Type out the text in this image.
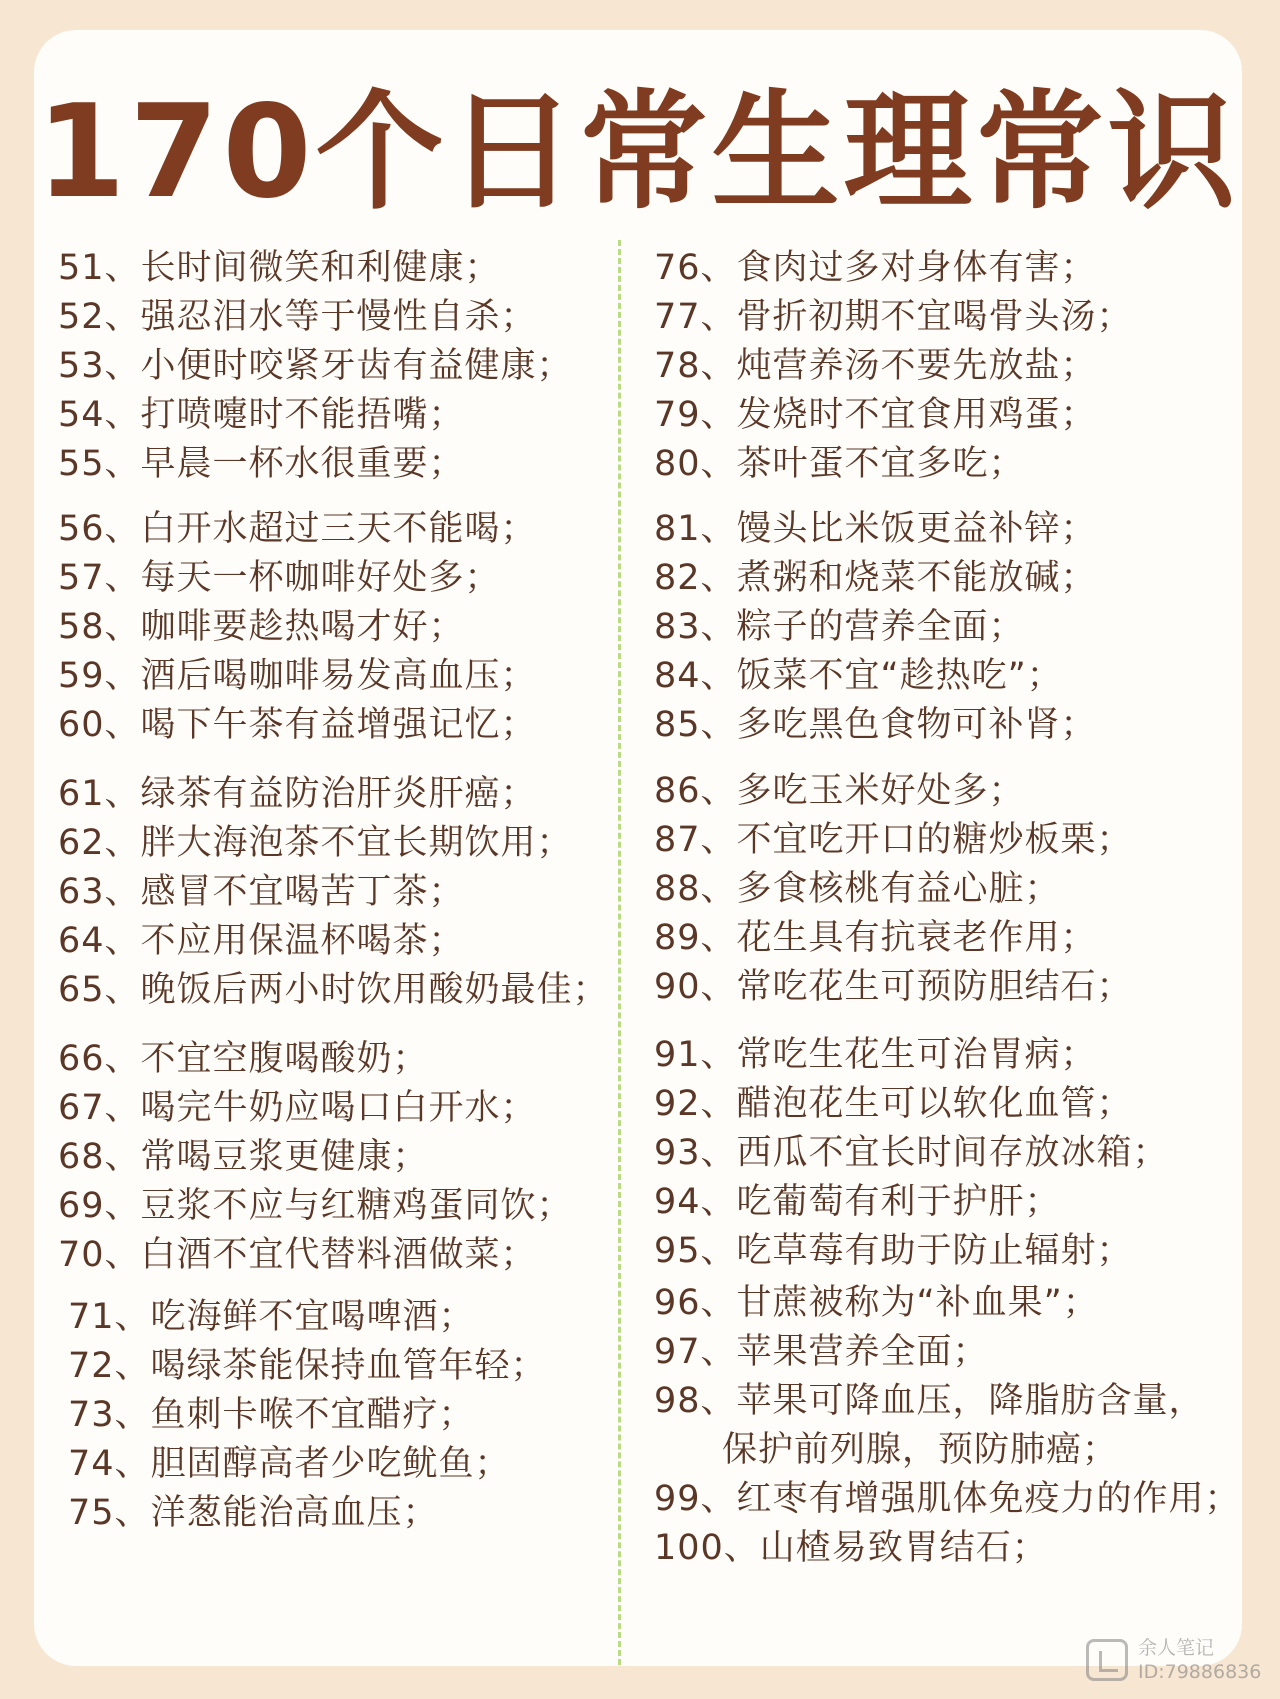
170个日常生理常识
51、长时间微笑和利健康；
52、强忍泪水等于慢性自杀；
53、小便时咬紧牙齿有益健康；
54、打喷嚏时不能捂嘴；
55、早晨一杯水很重要；
56、白开水超过三天不能喝；
57、每天一杯咖啡好处多；
58、咖啡要趁热喝才好；
59、酒后喝咖啡易发高血压；
60、喝下午茶有益增强记忆；
61、绿茶有益防治肝炎肝癌；
62、胖大海泡茶不宜长期饮用；
63、感冒不宜喝苦丁茶；
64、不应用保温杯喝茶；
65、晚饭后两小时饮用酸奶最佳；
66、不宜空腹喝酸奶；
67、喝完牛奶应喝口白开水；
68、常喝豆浆更健康；
69、豆浆不应与红糖鸡蛋同饮；
70、白酒不宜代替料酒做菜；
71、吃海鲜不宜喝啤酒；
72、喝绿茶能保持血管年轻；
73、鱼刺卡喉不宜醋疗；
74、胆固醇高者少吃鱿鱼；
75、洋葱能治高血压；
76、食肉过多对身体有害；
77、骨折初期不宜喝骨头汤；
78、炖营养汤不要先放盐；
79、发烧时不宜食用鸡蛋；
80、茶叶蛋不宜多吃；
81、馒头比米饭更益补锌；
82、煮粥和烧菜不能放碱；
83、粽子的营养全面；
84、饭菜不宜“趁热吃”；
85、多吃黑色食物可补肾；
86、多吃玉米好处多；
87、不宜吃开口的糖炒板栗；
88、多食核桃有益心脏；
89、花生具有抗衰老作用；
90、常吃花生可预防胆结石；
91、常吃生花生可治胃病；
92、醋泡花生可以软化血管；
93、西瓜不宜长时间存放冰箱；
94、吃葡萄有利于护肝；
95、吃草莓有助于防止辐射；
96、甘蔗被称为“补血果”；
97、苹果营养全面；
98、苹果可降血压，降脂肪含量，
保护前列腺，预防肺癌；
99、红枣有增强肌体免疫力的作用；
100、山楂易致胃结石；
余人笔记
ID:79886836
